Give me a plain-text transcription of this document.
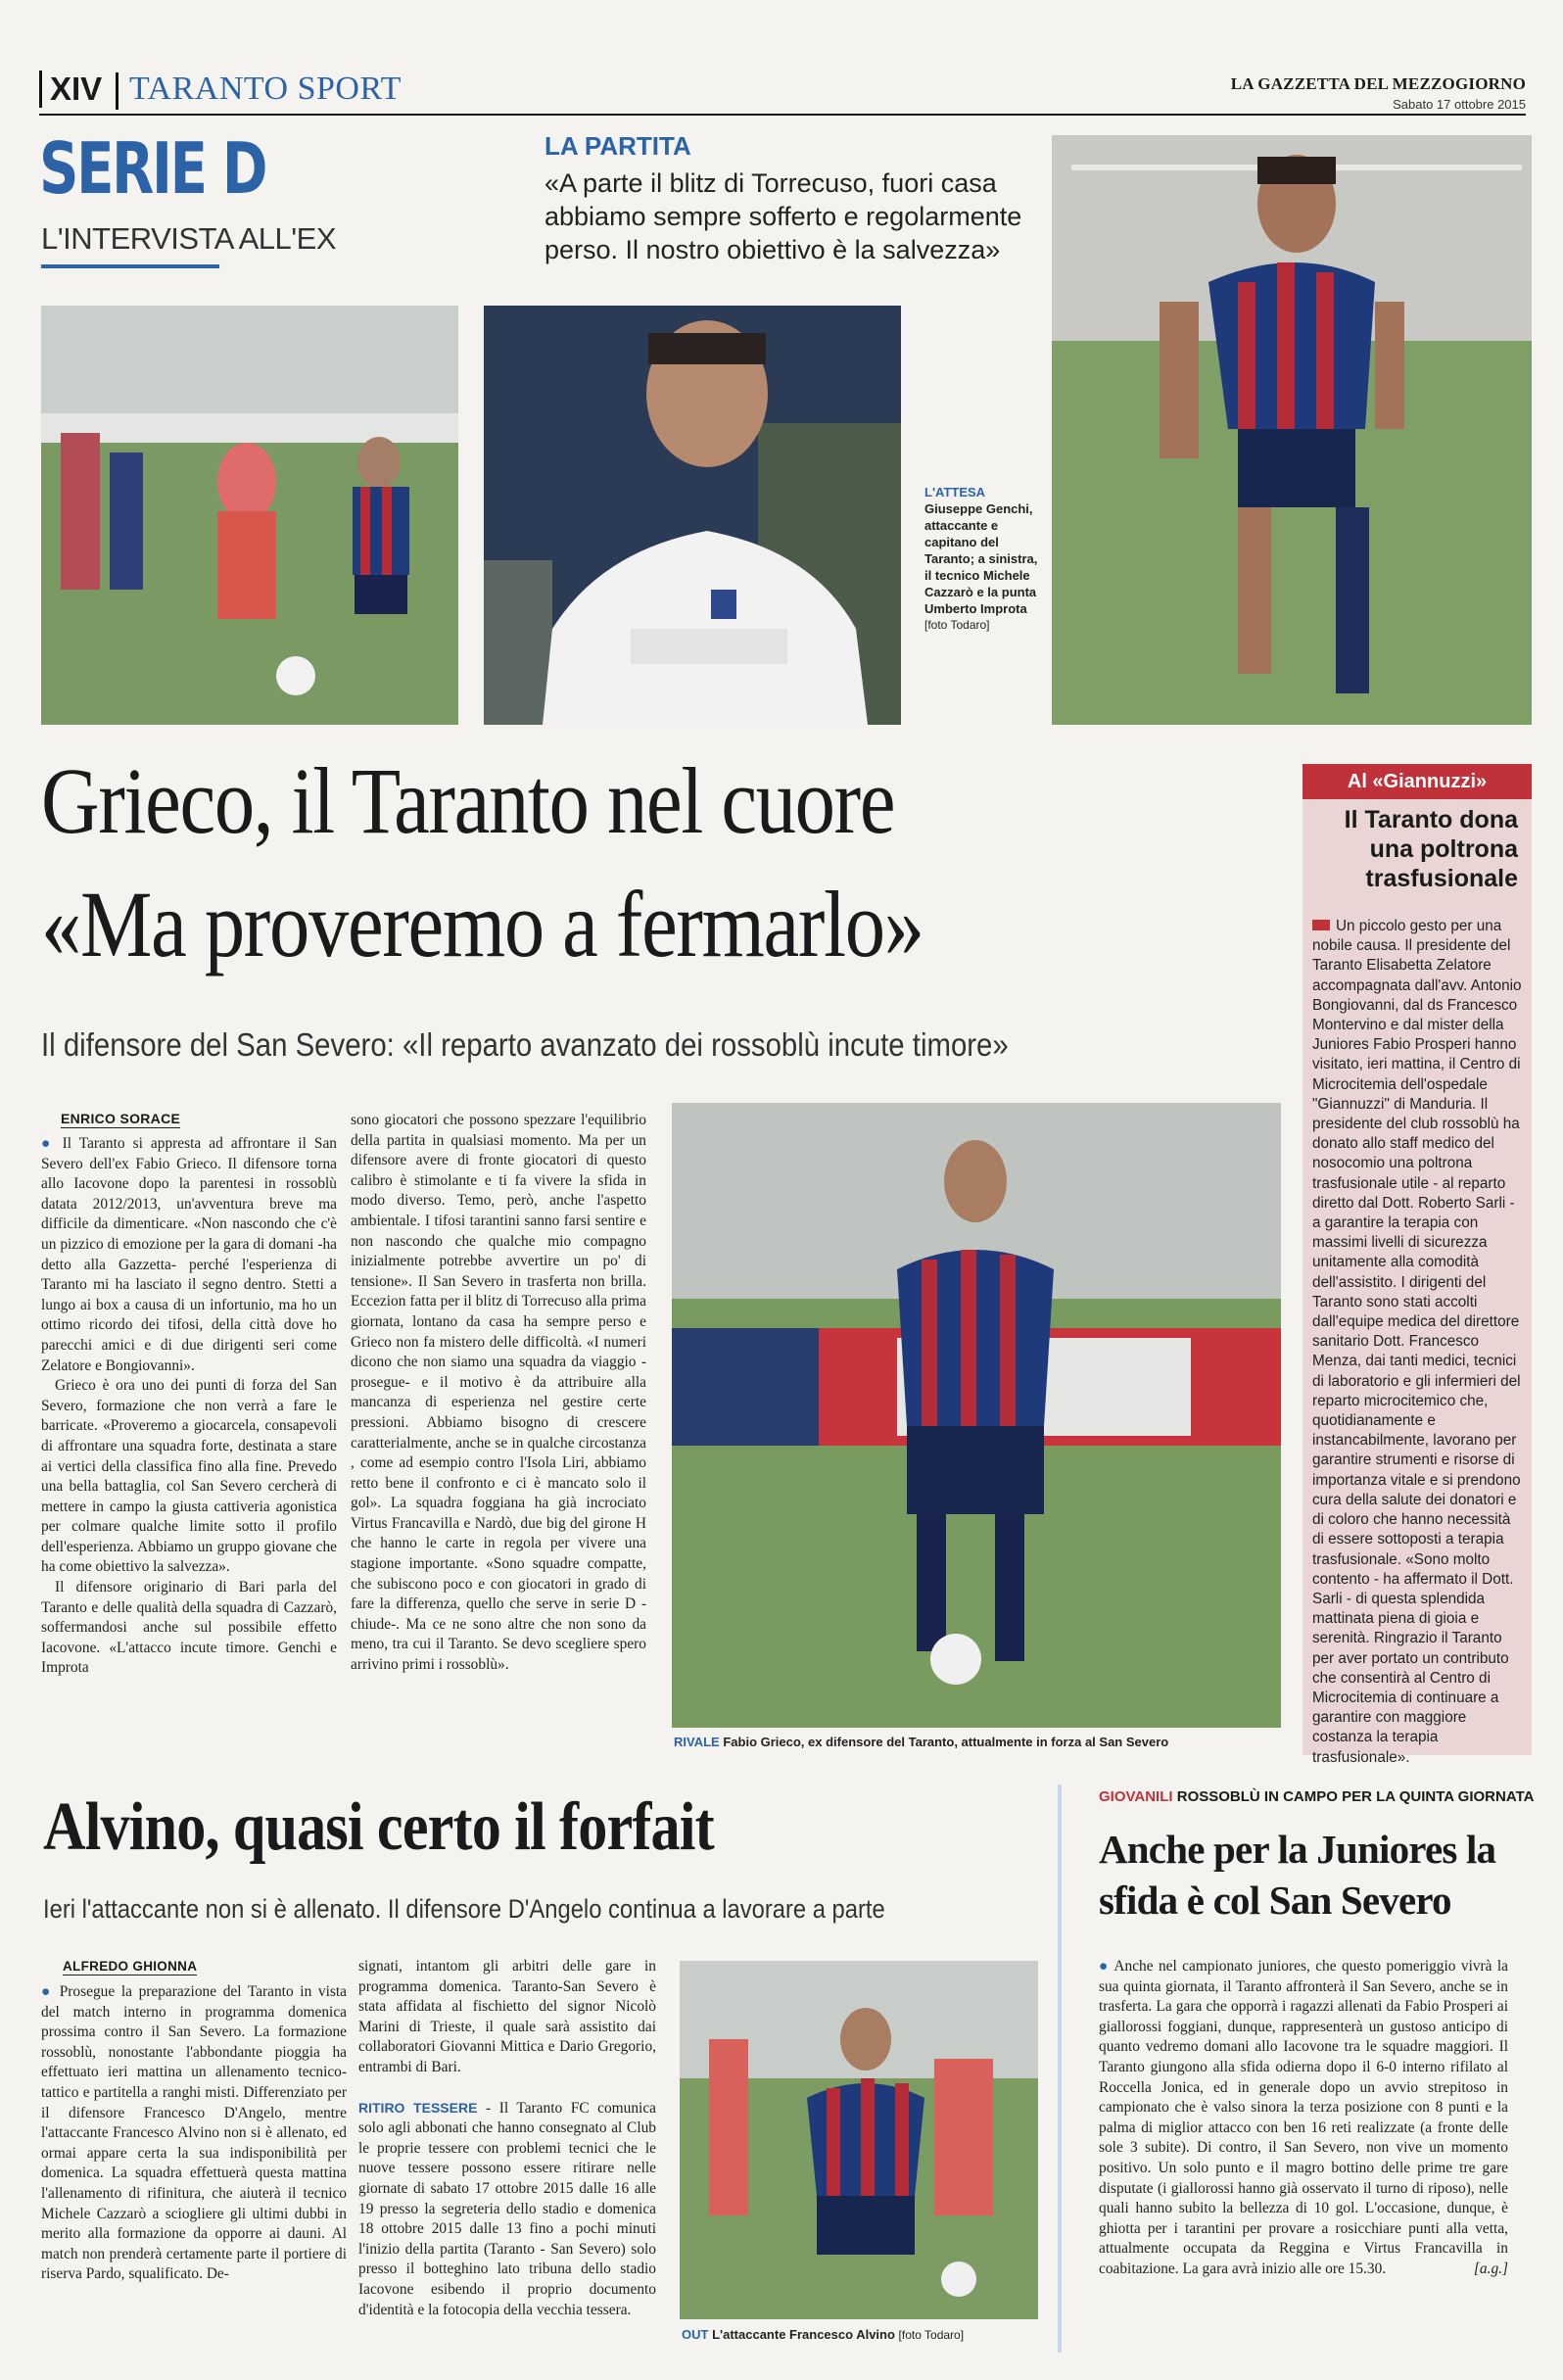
XIV TARANTO SPORT	LA GAZZETTA DEL MEZZOGIORNO
Sabato 17 ottobre 2015
SERIE D
L'INTERVISTA ALL'EX
LA PARTITA
«A parte il blitz di Torrecuso, fuori casa abbiamo sempre sofferto e regolarmente perso. Il nostro obiettivo è la salvezza»
L'ATTESA
Giuseppe Genchi, attaccante e capitano del Taranto; a sinistra, il tecnico Michele Cazzarò e la punta Umberto Improta
[foto Todaro]
Grieco, il Taranto nel cuore
«Ma proveremo a fermarlo»
Il difensore del San Severo: «Il reparto avanzato dei rossoblù incute timore»
Al «Giannuzzi»
Il Taranto dona una poltrona trasfusionale
Un piccolo gesto per una nobile causa. Il presidente del Taranto Elisabetta Zelatore accompagnata dall'avv. Antonio Bongiovanni, dal ds Francesco Montervino e dal mister della Juniores Fabio Prosperi hanno visitato, ieri mattina, il Centro di Microcitemia dell'ospedale "Giannuzzi" di Manduria. Il presidente del club rossoblù ha donato allo staff medico del nosocomio una poltrona trasfusionale utile - al reparto diretto dal Dott. Roberto Sarli - a garantire la terapia con massimi livelli di sicurezza unitamente alla comodità dell'assistito. I dirigenti del Taranto sono stati accolti dall'equipe medica del direttore sanitario Dott. Francesco Menza, dai tanti medici, tecnici di laboratorio e gli infermieri del reparto microcitemico che, quotidianamente e instancabilmente, lavorano per garantire strumenti e risorse di importanza vitale e si prendono cura della salute dei donatori e di coloro che hanno necessità di essere sottoposti a terapia trasfusionale. «Sono molto contento - ha affermato il Dott. Sarli - di questa splendida mattinata piena di gioia e serenità. Ringrazio il Taranto per aver portato un contributo che consentirà al Centro di Microcitemia di continuare a garantire con maggiore costanza la terapia trasfusionale».
ENRICO SORACE

● Il Taranto si appresta ad affrontare il San Severo dell'ex Fabio Grieco. Il difensore torna allo Iacovone dopo la parentesi in rossoblù datata 2012/2013, un'avventura breve ma difficile da dimenticare. «Non nascondo che c'è un pizzico di emozione per la gara di domani -ha detto alla Gazzetta- perché l'esperienza di Taranto mi ha lasciato il segno dentro. Stetti a lungo ai box a causa di un infortunio, ma ho un ottimo ricordo dei tifosi, della città dove ho parecchi amici e di due dirigenti seri come Zelatore e Bongiovanni».

Grieco è ora uno dei punti di forza del San Severo, formazione che non verrà a fare le barricate. «Proveremo a giocarcela, consapevoli di affrontare una squadra forte, destinata a stare ai vertici della classifica fino alla fine. Prevedo una bella battaglia, col San Severo cercherà di mettere in campo la giusta cattiveria agonistica per colmare qualche limite sotto il profilo dell'esperienza. Abbiamo un gruppo giovane che ha come obiettivo la salvezza».

Il difensore originario di Bari parla del Taranto e delle qualità della squadra di Cazzarò, soffermandosi anche sul possibile effetto Iacovone. «L'attacco incute timore. Genchi e Improta

sono giocatori che possono spezzare l'equilibrio della partita in qualsiasi momento. Ma per un difensore avere di fronte giocatori di questo calibro è stimolante e ti fa vivere la sfida in modo diverso. Temo, però, anche l'aspetto ambientale. I tifosi tarantini sanno farsi sentire e non nascondo che qualche mio compagno inizialmente potrebbe avvertire un po' di tensione». Il San Severo in trasferta non brilla. Eccezion fatta per il blitz di Torrecuso alla prima giornata, lontano da casa ha sempre perso e Grieco non fa mistero delle difficoltà. «I numeri dicono che non siamo una squadra da viaggio -prosegue- e il motivo è da attribuire alla mancanza di esperienza nel gestire certe pressioni. Abbiamo bisogno di crescere caratterialmente, anche se in qualche circostanza , come ad esempio contro l'Isola Liri, abbiamo retto bene il confronto e ci è mancato solo il gol». La squadra foggiana ha già incrociato Virtus Francavilla e Nardò, due big del girone H che hanno le carte in regola per vivere una stagione importante. «Sono squadre compatte, che subiscono poco e con giocatori in grado di fare la differenza, quello che serve in serie D -chiude-. Ma ce ne sono altre che non sono da meno, tra cui il Taranto. Se devo scegliere spero arrivino primi i rossoblù».

RIVALE Fabio Grieco, ex difensore del Taranto, attualmente in forza al San Severo
Alvino, quasi certo il forfait
Ieri l'attaccante non si è allenato. Il difensore D'Angelo continua a lavorare a parte
ALFREDO GHIONNA

● Prosegue la preparazione del Taranto in vista del match interno in programma domenica prossima contro il San Severo. La formazione rossoblù, nonostante l'abbondante pioggia ha effettuato ieri mattina un allenamento tecnico-tattico e partitella a ranghi misti. Differenziato per il difensore Francesco D'Angelo, mentre l'attaccante Francesco Alvino non si è allenato, ed ormai appare certa la sua indisponibilità per domenica. La squadra effettuerà questa mattina l'allenamento di rifinitura, che aiuterà il tecnico Michele Cazzarò a sciogliere gli ultimi dubbi in merito alla formazione da opporre ai dauni. Al match non prenderà certamente parte il portiere di riserva Pardo, squalificato. De-

signati, intantom gli arbitri delle gare in programma domenica. Taranto-San Severo è stata affidata al fischietto del signor Nicolò Marini di Trieste, il quale sarà assistito dai collaboratori Giovanni Mittica e Dario Gregorio, entrambi di Bari.

RITIRO TESSERE - Il Taranto FC comunica solo agli abbonati che hanno consegnato al Club le proprie tessere con problemi tecnici che le nuove tessere possono essere ritirare nelle giornate di sabato 17 ottobre 2015 dalle 16 alle 19 presso la segreteria dello stadio e domenica 18 ottobre 2015 dalle 13 fino a pochi minuti l'inizio della partita (Taranto - San Severo) solo presso il botteghino lato tribuna dello stadio Iacovone esibendo il proprio documento d'identità e la fotocopia della vecchia tessera.

OUT L'attaccante Francesco Alvino [foto Todaro]
GIOVANILI ROSSOBLÙ IN CAMPO PER LA QUINTA GIORNATA
Anche per la Juniores la sfida è col San Severo

● Anche nel campionato juniores, che questo pomeriggio vivrà la sua quinta giornata, il Taranto affronterà il San Severo, anche se in trasferta. La gara che opporrà i ragazzi allenati da Fabio Prosperi ai giallorossi foggiani, dunque, rappresenterà un gustoso anticipo di quanto vedremo domani allo Iacovone tra le squadre maggiori. Il Taranto giungono alla sfida odierna dopo il 6-0 interno rifilato al Roccella Jonica, ed in generale dopo un avvio strepitoso in campionato che è valso sinora la terza posizione con 8 punti e la palma di miglior attacco con ben 16 reti realizzate (a fronte delle sole 3 subite). Di contro, il San Severo, non vive un momento positivo. Un solo punto e il magro bottino delle prime tre gare disputate (i giallorossi hanno già osservato il turno di riposo), nelle quali hanno subito la bellezza di 10 gol. L'occasione, dunque, è ghiotta per i tarantini per provare a rosicchiare punti alla vetta, attualmente occupata da Reggina e Virtus Francavilla in coabitazione. La gara avrà inizio alle ore 15.30.	[a.g.]
